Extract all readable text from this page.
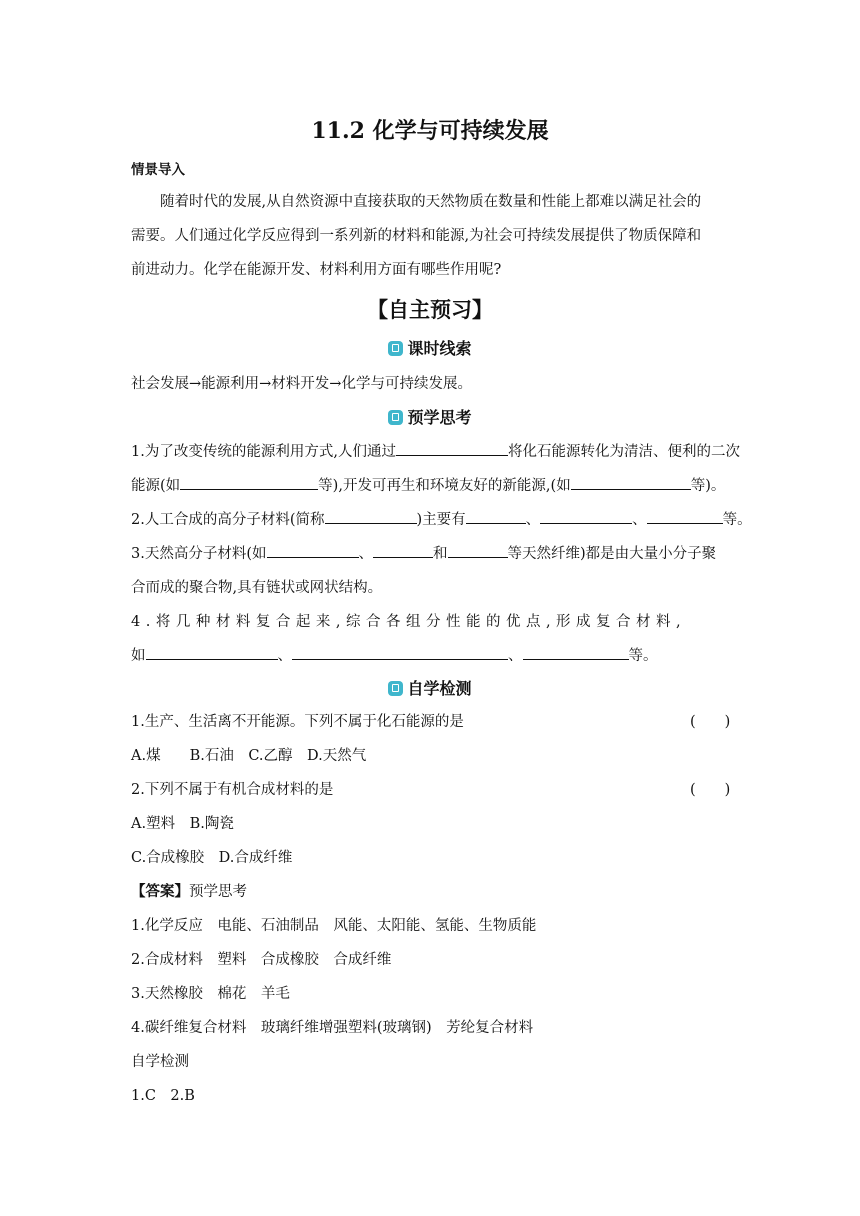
11.2 化学与可持续发展
情景导入
随着时代的发展,从自然资源中直接获取的天然物质在数量和性能上都难以满足社会的
需要。人们通过化学反应得到一系列新的材料和能源,为社会可持续发展提供了物质保障和
前进动力。化学在能源开发、材料利用方面有哪些作用呢?
【自主预习】
课时线索
社会发展→能源利用→材料开发→化学与可持续发展。
预学思考
1.为了改变传统的能源利用方式,人们通过	将化石能源转化为清洁、便利的二次
能源(如	等),开发可再生和环境友好的新能源,(如	等)。
2.人工合成的高分子材料(简称	)主要有	、	、	等。
3.天然高分子材料(如	、	和	等天然纤维)都是由大量小分子聚
合而成的聚合物,具有链状或网状结构。
4.将几种材料复合起来,综合各组分性能的优点,形成复合材料,
如	、	、	等。
自学检测
1.生产、生活离不开能源。下列不属于化石能源的是	(　　)
A.煤　　B.石油　C.乙醇　D.天然气
2.下列不属于有机合成材料的是	(　　)
A.塑料　B.陶瓷
C.合成橡胶　D.合成纤维
【答案】预学思考
1.化学反应　电能、石油制品　风能、太阳能、氢能、生物质能
2.合成材料　塑料　合成橡胶　合成纤维
3.天然橡胶　棉花　羊毛
4.碳纤维复合材料　玻璃纤维增强塑料(玻璃钢)　芳纶复合材料
自学检测
1.C　2.B
